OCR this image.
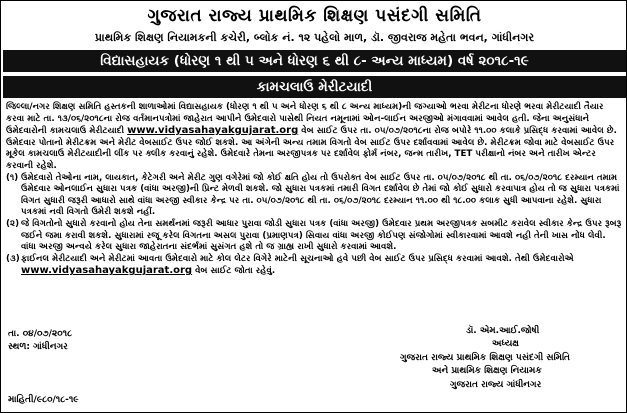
ગુજરાત રાજ્ય પ્રાથમિક શિક્ષણ પસંદગી સમિતિ
પ્રાથમિક શિક્ષણ નિયામકની કચેરી, બ્લોક નં. ૧૨ પહેલો માળ, ડૉ. જીવરાજ મહેતા ભવન, ગાંધીનગર
વિદ્યાસહાયક (ધોરણ ૧ થી ૫ અને ધોરણ ૬ થી ૮- અન્ય માધ્યમ) વર્ષ ૨૦૧૮-૧૯
કામચલાઉ મેરીટયાદી

જિલ્લા/નગર શિક્ષણ સમિતિ હસ્તકની શાળાઓમાં વિદ્યાસહાયક (ધોરણ ૧ થી ૫ અને ધોરણ ૬ થી ૮ અન્ય માધ્યમ)ની જગ્યાઓ ભરવા મેરીટના ધોરણે ભરવા મેરીટયાદી તૈયાર કરવા માટે તા. ૧૩/૦૬/૨૦૧૮ના રોજ વર્તમાનપત્રોમાં જાહેરાત આપીને ઉમેદવારો પાસેથી નિયત નમૂનામાં ઓન-લાઈન અરજીઓ મંગાવવામાં આવેલ હતી. જેના અનુસંધાને ઉમેદવારોની કામચલાઉ મેરીટયાદી www.vidyasahayakgujarat.org વેબ સાઈટ ઉપર તા. ૦૫/૦૭/૨૦૧૮ના રોજ બપોરે ૧૧.૦૦ કલાકે પ્રસિદ્ધ કરવામાં આવેલ છે. ઉમેદવાર પોતાનો મેરીટક્રમ અને મેરીટ વેબસાઈટ ઉપર જોઈ શકશે. આ અંગેની અન્ય તમામ વિગતો વેબ સાઈટ ઉપર દર્શાવવામાં આવેલ છે. મેરીટક્રમ જોવા માટે વેબસાઈટ ઉપર મૂકેલ કામચલાઉ મેરીટયાદીની લીંક પર ક્લીક કરવાનું રહેશે. ઉમેદવારે તેમના અરજીપત્રક પર દર્શાવેલ ફોર્મ નંબર, જન્મ તારીખ, TET પરીક્ષાનો નંબર અને તારીખ એન્ટર કરવાની રહેશે.

(૧) ઉમેદવારો તેઓના નામ, લાયકાત, કેટેગરી અને મેરીટ ગુણ વગેરેમાં જો કોઈ ક્ષતિ હોય તો ઉપરોક્ત વેબ સાઈટ ઉપર તા. ૦૫/૦૭/૨૦૧૮ થી તા. ૦૬/૦૭/૨૦૧૮ દરમ્યાન તમામ ઉમેદવાર ઓનલાઈન સુધારા પત્રક (વાંધા અરજી)ની પ્રિન્ટ મેળવી શકશે. જો સુધારા પત્રકમાં તમારી વિગત દર્શાવેલ છે તેમાં જો કોઈ સુધારો કરવાપાત્ર હોય તો જ સુધારા પત્રકમાં વિગત સુધારી જરૂરી આધારો સાથે વાંધા અરજી સ્વીકાર કેન્દ્ર પર તા. ૦૫/૦૭/૨૦૧૮ થી તા. ૦૬/૦૭/૨૦૧૮ દરમ્યાન ૧૧.૦૦ થી ૧૮.૦૦ કલાક સુધી આપવાના રહેશે. સુધારા પત્રકમાં નવી વિગતો ઉમેરી શકશે નહીં.
(૨) જે વિગતોનો સુધારો કરવાનો હોય તેના સમર્થનમાં જરૂરી આધાર પુરાવા જોડી સુધારા પત્રક (વાંધા અરજી) ઉમેદવાર પ્રથમ અરજીપત્રક સબમીટ કરાવેલ સ્વીકાર કેન્દ્ર ઉપર રૂબરૂ જઈને જમા કરાવી શકશે. સુધારામાં રજૂ કરેલ વિગતના અસલ પુરાવા (પ્રમાણપત્ર) સિવાય વાંધા અરજી કોઈપણ સંજોગોમાં સ્વીકારવામાં આવશે નહી તેની ખાસ નોંધ લેવી. વાંધા અરજી અન્વયે કરેલ સુધારા જાહેરાતના સંદર્ભમાં સુસંગત હશે તો જ ગ્રાહ્ય રાખી સુધારો કરવામાં આવશે.
(૩) ફાઈનલ મેરીટયાદી અને મેરીટમાં આવતા ઉમેદવારો માટે કોલ લેટર વિગેરે માટેની સૂચનાઓ હવે પછી વેબ સાઈટ ઉપર પ્રસિદ્ધ કરવામાં આવશે. તેથી ઉમેદવારોએ www.vidyasahayakgujarat.org વેબ સાઈટ જોતા રહેવું.
તા. ૦૪/૦૭/૨૦૧૮
સ્થળ: ગાંધીનગર
માહિતી/૯૮૦/૧૮-૧૯
ડૉ. એમ.આઈ.જોષી
અધ્યક્ષ
ગુજરાત રાજ્ય પ્રાથમિક શિક્ષણ પસંદગી સમિતિ
અને પ્રાથમિક શિક્ષણ નિયામક
ગુજરાત રાજ્ય ગાંધીનગર
